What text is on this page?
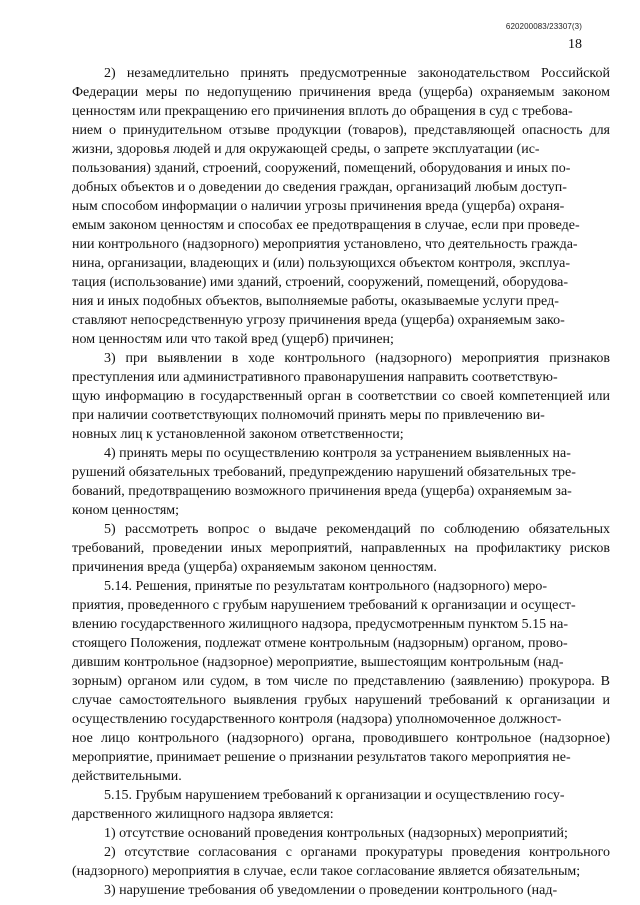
620200083/23307(3)
18

2) незамедлительно принять предусмотренные законодательством Российской Федерации меры по недопущению причинения вреда (ущерба) охраняемым законом ценностям или прекращению его причинения вплоть до обращения в суд с требова-
нием о принудительном отзыве продукции (товаров), представляющей опасность для жизни, здоровья людей и для окружающей среды, о запрете эксплуатации (ис-
пользования) зданий, строений, сооружений, помещений, оборудования и иных по-
добных объектов и о доведении до сведения граждан, организаций любым доступ-
ным способом информации о наличии угрозы причинения вреда (ущерба) охраня-
емым законом ценностям и способах ее предотвращения в случае, если при проведе-
нии контрольного (надзорного) мероприятия установлено, что деятельность гражда-
нина, организации, владеющих и (или) пользующихся объектом контроля, эксплуа-
тация (использование) ими зданий, строений, сооружений, помещений, оборудова-
ния и иных подобных объектов, выполняемые работы, оказываемые услуги пред-
ставляют непосредственную угрозу причинения вреда (ущерба) охраняемым зако-
ном ценностям или что такой вред (ущерб) причинен;

3) при выявлении в ходе контрольного (надзорного) мероприятия признаков преступления или административного правонарушения направить соответствую-
щую информацию в государственный орган в соответствии со своей компетенцией или при наличии соответствующих полномочий принять меры по привлечению ви-
новных лиц к установленной законом ответственности;

4) принять меры по осуществлению контроля за устранением выявленных на-
рушений обязательных требований, предупреждению нарушений обязательных тре-
бований, предотвращению возможного причинения вреда (ущерба) охраняемым за-
коном ценностям;

5) рассмотреть вопрос о выдаче рекомендаций по соблюдению обязательных требований, проведении иных мероприятий, направленных на профилактику рисков причинения вреда (ущерба) охраняемым законом ценностям.

5.14. Решения, принятые по результатам контрольного (надзорного) меро-
приятия, проведенного с грубым нарушением требований к организации и осущест-
влению государственного жилищного надзора, предусмотренным пунктом 5.15 на-
стоящего Положения, подлежат отмене контрольным (надзорным) органом, прово-
дившим контрольное (надзорное) мероприятие, вышестоящим контрольным (над-
зорным) органом или судом, в том числе по представлению (заявлению) прокурора. В случае самостоятельного выявления грубых нарушений требований к организации и осуществлению государственного контроля (надзора) уполномоченное должност-
ное лицо контрольного (надзорного) органа, проводившего контрольное (надзорное) мероприятие, принимает решение о признании результатов такого мероприятия не-
действительными.

5.15. Грубым нарушением требований к организации и осуществлению госу-
дарственного жилищного надзора является:

1) отсутствие оснований проведения контрольных (надзорных) мероприятий;

2) отсутствие согласования с органами прокуратуры проведения контрольного (надзорного) мероприятия в случае, если такое согласование является обязательным;

3) нарушение требования об уведомлении о проведении контрольного (над-
